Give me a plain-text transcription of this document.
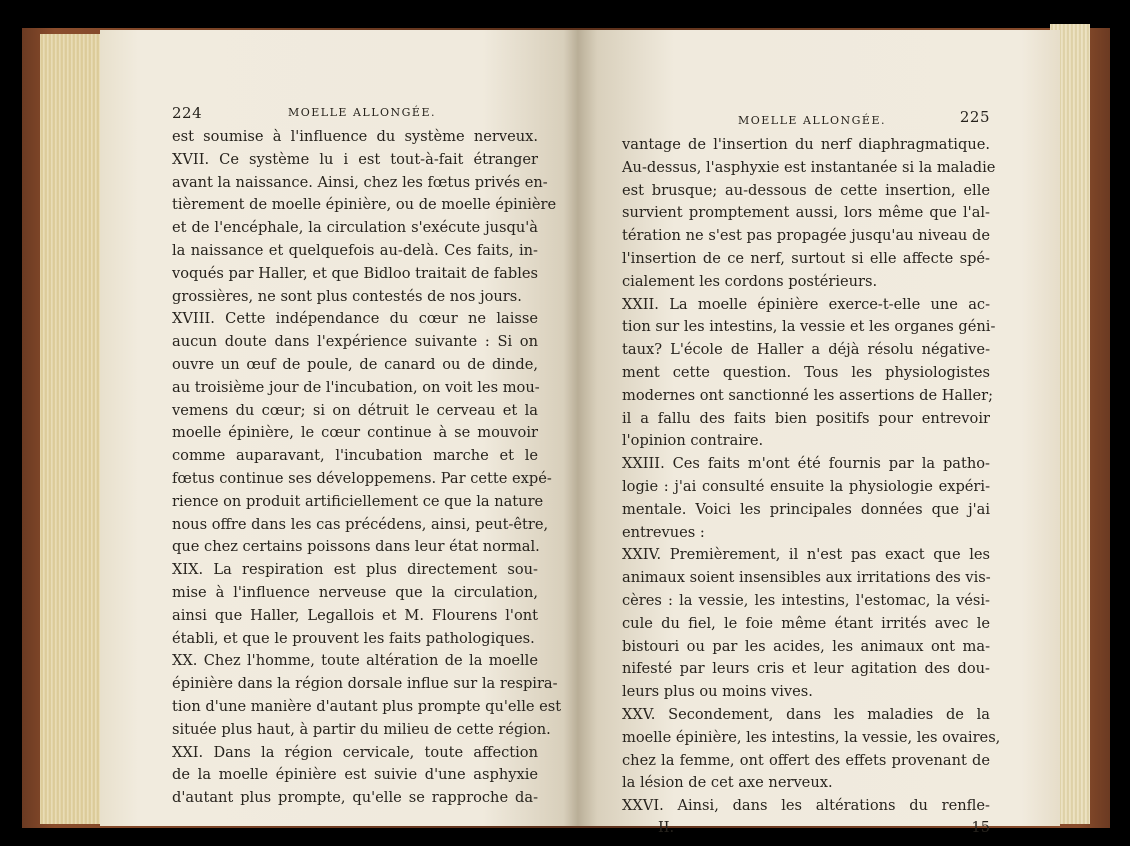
224	MOELLE ALLONGÉE.
est soumise à l'influence du système nerveux.
XVII. Ce système lu i est tout-à-fait étranger
avant la naissance. Ainsi, chez les fœtus privés en-
tièrement de moelle épinière, ou de moelle épinière
et de l'encéphale, la circulation s'exécute jusqu'à
la naissance et quelquefois au-delà. Ces faits, in-
voqués par Haller, et que Bidloo traitait de fables
grossières, ne sont plus contestés de nos jours.
XVIII. Cette indépendance du cœur ne laisse
aucun doute dans l'expérience suivante : Si on
ouvre un œuf de poule, de canard ou de dinde,
au troisième jour de l'incubation, on voit les mou-
vemens du cœur; si on détruit le cerveau et la
moelle épinière, le cœur continue à se mouvoir
comme auparavant, l'incubation marche et le
fœtus continue ses développemens. Par cette expé-
rience on produit artificiellement ce que la nature
nous offre dans les cas précédens, ainsi, peut-être,
que chez certains poissons dans leur état normal.
XIX. La respiration est plus directement sou-
mise à l'influence nerveuse que la circulation,
ainsi que Haller, Legallois et M. Flourens l'ont
établi, et que le prouvent les faits pathologiques.
XX. Chez l'homme, toute altération de la moelle
épinière dans la région dorsale influe sur la respira-
tion d'une manière d'autant plus prompte qu'elle est
située plus haut, à partir du milieu de cette région.
XXI. Dans la région cervicale, toute affection
de la moelle épinière est suivie d'une asphyxie
d'autant plus prompte, qu'elle se rapproche da-
MOELLE ALLONGÉE.	225
vantage de l'insertion du nerf diaphragmatique.
Au-dessus, l'asphyxie est instantanée si la maladie
est brusque; au-dessous de cette insertion, elle
survient promptement aussi, lors même que l'al-
tération ne s'est pas propagée jusqu'au niveau de
l'insertion de ce nerf, surtout si elle affecte spé-
cialement les cordons postérieurs.
XXII. La moelle épinière exerce-t-elle une ac-
tion sur les intestins, la vessie et les organes géni-
taux? L'école de Haller a déjà résolu négative-
ment cette question. Tous les physiologistes
modernes ont sanctionné les assertions de Haller;
il a fallu des faits bien positifs pour entrevoir
l'opinion contraire.
XXIII. Ces faits m'ont été fournis par la patho-
logie : j'ai consulté ensuite la physiologie expéri-
mentale. Voici les principales données que j'ai
entrevues :
XXIV. Premièrement, il n'est pas exact que les
animaux soient insensibles aux irritations des vis-
cères : la vessie, les intestins, l'estomac, la vési-
cule du fiel, le foie même étant irrités avec le
bistouri ou par les acides, les animaux ont ma-
nifesté par leurs cris et leur agitation des dou-
leurs plus ou moins vives.
XXV. Secondement, dans les maladies de la
moelle épinière, les intestins, la vessie, les ovaires,
chez la femme, ont offert des effets provenant de
la lésion de cet axe nerveux.
XXVI. Ainsi, dans les altérations du renfle-
II.	15
